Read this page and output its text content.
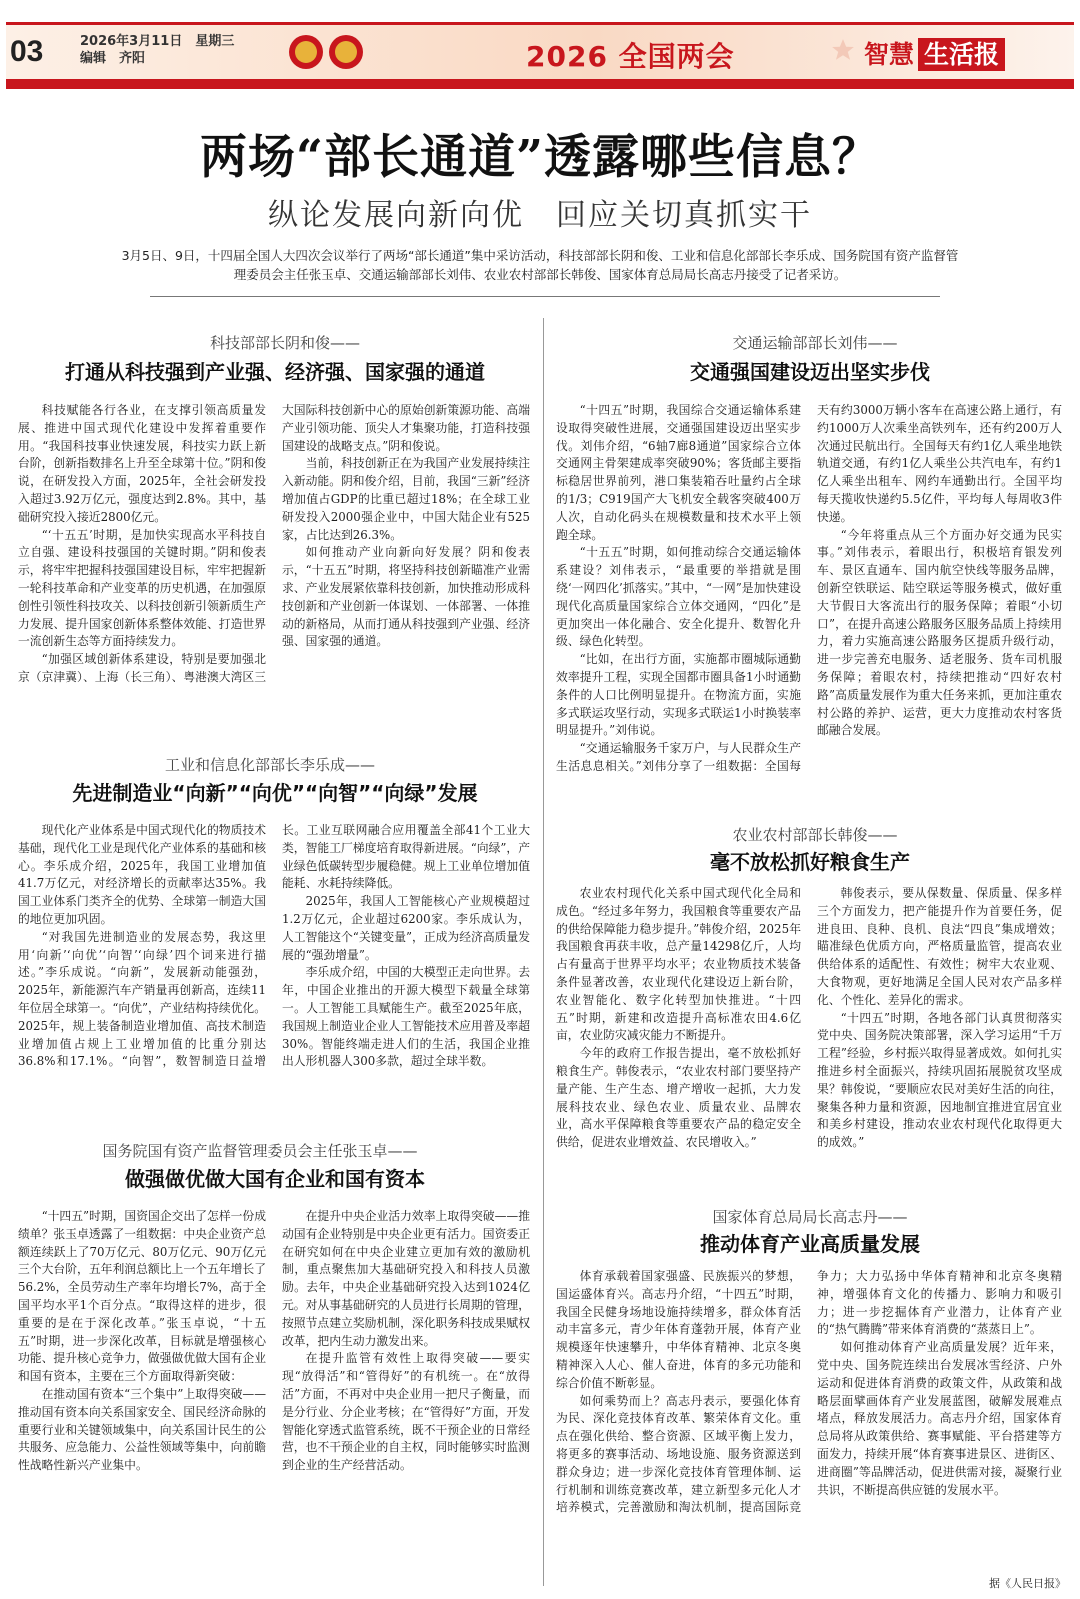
03	2026年3月11日　星期三
编辑　齐阳	2026 全国两会	智慧 生活报
两场“部长通道”透露哪些信息？
纵论发展向新向优　回应关切真抓实干
3月5日、9日，十四届全国人大四次会议举行了两场“部长通道”集中采访活动，科技部部长阴和俊、工业和信息化部部长李乐成、国务院国有资产监督管理委员会主任张玉卓、交通运输部部长刘伟、农业农村部部长韩俊、国家体育总局局长高志丹接受了记者采访。
科技部部长阴和俊——
打通从科技强到产业强、经济强、国家强的通道

科技赋能各行各业，在支撑引领高质量发展、推进中国式现代化建设中发挥着重要作用。“我国科技事业快速发展，科技实力跃上新台阶，创新指数排名上升至全球第十位。”阴和俊说，在研发投入方面，2025年，全社会研发投入超过3.92万亿元，强度达到2.8%。其中，基础研究投入接近2800亿元。

“‘十五五’时期，是加快实现高水平科技自立自强、建设科技强国的关键时期。”阴和俊表示，将牢牢把握科技强国建设目标，牢牢把握新一轮科技革命和产业变革的历史机遇，在加强原创性引领性科技攻关、以科技创新引领新质生产力发展、提升国家创新体系整体效能、打造世界一流创新生态等方面持续发力。

“加强区域创新体系建设，特别是要加强北京（京津冀）、上海（长三角）、粤港澳大湾区三大国际科技创新中心的原始创新策源功能、高端产业引领功能、顶尖人才集聚功能，打造科技强国建设的战略支点。”阴和俊说。

当前，科技创新正在为我国产业发展持续注入新动能。阴和俊介绍，目前，我国“三新”经济增加值占GDP的比重已超过18%；在全球工业研发投入2000强企业中，中国大陆企业有525家，占比达到26.3%。

如何推动产业向新向好发展？阴和俊表示，“十五五”时期，将坚持科技创新瞄准产业需求、产业发展紧依靠科技创新，加快推动形成科技创新和产业创新一体谋划、一体部署、一体推动的新格局，从而打通从科技强到产业强、经济强、国家强的通道。

工业和信息化部部长李乐成——
先进制造业“向新”“向优”“向智”“向绿”发展

现代化产业体系是中国式现代化的物质技术基础，现代化工业是现代化产业体系的基础和核心。李乐成介绍，2025年，我国工业增加值41.7万亿元，对经济增长的贡献率达35%。我国工业体系门类齐全的优势、全球第一制造大国的地位更加巩固。

“对我国先进制造业的发展态势，我这里用‘向新’‘向优’‘向智’‘向绿’四个词来进行描述。”李乐成说。“向新”，发展新动能强劲，2025年，新能源汽车产销量再创新高，连续11年位居全球第一。“向优”，产业结构持续优化。2025年，规上装备制造业增加值、高技术制造业增加值占规上工业增加值的比重分别达36.8%和17.1%。“向智”，数智制造日益增长。工业互联网融合应用覆盖全部41个工业大类，智能工厂梯度培育取得新进展。“向绿”，产业绿色低碳转型步履稳健。规上工业单位增加值能耗、水耗持续降低。

2025年，我国人工智能核心产业规模超过1.2万亿元，企业超过6200家。李乐成认为，人工智能这个“关键变量”，正成为经济高质量发展的“强劲增量”。

李乐成介绍，中国的大模型正走向世界。去年，中国企业推出的开源大模型下载量全球第一。人工智能工具赋能生产。截至2025年底，我国规上制造业企业人工智能技术应用普及率超30%。智能终端走进人们的生活，我国企业推出人形机器人300多款，超过全球半数。

国务院国有资产监督管理委员会主任张玉卓——
做强做优做大国有企业和国有资本

“十四五”时期，国资国企交出了怎样一份成绩单？张玉卓透露了一组数据：中央企业资产总额连续跃上了70万亿元、80万亿元、90万亿元三个大台阶，五年利润总额比上一个五年增长了56.2%，全员劳动生产率年均增长7%，高于全国平均水平1个百分点。“取得这样的进步，很重要的是在于深化改革。”张玉卓说，“十五五”时期，进一步深化改革，目标就是增强核心功能、提升核心竞争力，做强做优做大国有企业和国有资本，主要在三个方面取得新突破：

在推动国有资本“三个集中”上取得突破——推动国有资本向关系国家安全、国民经济命脉的重要行业和关键领域集中，向关系国计民生的公共服务、应急能力、公益性领域等集中，向前瞻性战略性新兴产业集中。

在提升中央企业活力效率上取得突破——推动国有企业特别是中央企业更有活力。国资委正在研究如何在中央企业建立更加有效的激励机制，重点聚焦加大基础研究投入和科技人员激励。去年，中央企业基础研究投入达到1024亿元。对从事基础研究的人员进行长周期的管理，按照节点建立奖励机制，深化职务科技成果赋权改革，把内生动力激发出来。

在提升监管有效性上取得突破——要实现“放得活”和“管得好”的有机统一。在“放得活”方面，不再对中央企业用一把尺子衡量，而是分行业、分企业考核；在“管得好”方面，开发智能化穿透式监管系统，既不干预企业的日常经营，也不干预企业的自主权，同时能够实时监测到企业的生产经营活动。

交通运输部部长刘伟——
交通强国建设迈出坚实步伐

“十四五”时期，我国综合交通运输体系建设取得突破性进展，交通强国建设迈出坚实步伐。刘伟介绍，“6轴7廊8通道”国家综合立体交通网主骨架建成率突破90%；客货邮主要指标稳居世界前列，港口集装箱吞吐量约占全球的1/3；C919国产大飞机安全载客突破400万人次，自动化码头在规模数量和技术水平上领跑全球。

“十五五”时期，如何推动综合交通运输体系建设？刘伟表示，“最重要的举措就是围绕‘一网四化’抓落实。”其中，“一网”是加快建设现代化高质量国家综合立体交通网，“四化”是更加突出一体化融合、安全化提升、数智化升级、绿色化转型。

“比如，在出行方面，实施都市圈城际通勤效率提升工程，实现全国都市圈具备1小时通勤条件的人口比例明显提升。在物流方面，实施多式联运攻坚行动，实现多式联运1小时换装率明显提升。”刘伟说。

“交通运输服务千家万户，与人民群众生产生活息息相关。”刘伟分享了一组数据：全国每天有约3000万辆小客车在高速公路上通行，有约1000万人次乘坐高铁列车，还有约200万人次通过民航出行。全国每天有约1亿人乘坐地铁轨道交通，有约1亿人乘坐公共汽电车，有约1亿人乘坐出租车、网约车通勤出行。全国平均每天揽收快递约5.5亿件，平均每人每周收3件快递。

“今年将重点从三个方面办好交通为民实事。”刘伟表示，着眼出行，积极培育银发列车、景区直通车、国内航空快线等服务品牌，创新空铁联运、陆空联运等服务模式，做好重大节假日大客流出行的服务保障；着眼“小切口”，在提升高速公路服务区服务品质上持续用力，着力实施高速公路服务区提质升级行动，进一步完善充电服务、适老服务、货车司机服务保障；着眼农村，持续把推动“四好农村路”高质量发展作为重大任务来抓，更加注重农村公路的养护、运营，更大力度推动农村客货邮融合发展。

农业农村部部长韩俊——
毫不放松抓好粮食生产

农业农村现代化关系中国式现代化全局和成色。“经过多年努力，我国粮食等重要农产品的供给保障能力稳步提升。”韩俊介绍，2025年我国粮食再获丰收，总产量14298亿斤，人均占有量高于世界平均水平；农业物质技术装备条件显著改善，农业现代化建设迈上新台阶，农业智能化、数字化转型加快推进。“十四五”时期，新建和改造提升高标准农田4.6亿亩，农业防灾减灾能力不断提升。

今年的政府工作报告提出，毫不放松抓好粮食生产。韩俊表示，“农业农村部门要坚持产量产能、生产生态、增产增收一起抓，大力发展科技农业、绿色农业、质量农业、品牌农业，高水平保障粮食等重要农产品的稳定安全供给，促进农业增效益、农民增收入。”

韩俊表示，要从保数量、保质量、保多样三个方面发力，把产能提升作为首要任务，促进良田、良种、良机、良法“四良”集成增效；瞄准绿色优质方向，严格质量监管，提高农业供给体系的适配性、有效性；树牢大农业观、大食物观，更好地满足全国人民对农产品多样化、个性化、差异化的需求。

“十四五”时期，各地各部门认真贯彻落实党中央、国务院决策部署，深入学习运用“千万工程”经验，乡村振兴取得显著成效。如何扎实推进乡村全面振兴，持续巩固拓展脱贫攻坚成果？韩俊说，“要顺应农民对美好生活的向往，聚集各种力量和资源，因地制宜推进宜居宜业和美乡村建设，推动农业农村现代化取得更大的成效。”

国家体育总局局长高志丹——
推动体育产业高质量发展

体育承载着国家强盛、民族振兴的梦想，国运盛体育兴。高志丹介绍，“十四五”时期，我国全民健身场地设施持续增多，群众体育活动丰富多元，青少年体育蓬勃开展，体育产业规模逐年快速攀升，中华体育精神、北京冬奥精神深入人心、催人奋进，体育的多元功能和综合价值不断彰显。

如何乘势而上？高志丹表示，要强化体育为民、深化竞技体育改革、繁荣体育文化。重点在强化供给、整合资源、区域平衡上发力，将更多的赛事活动、场地设施、服务资源送到群众身边；进一步深化竞技体育管理体制、运行机制和训练竞赛改革，建立新型多元化人才培养模式，完善激励和淘汰机制，提高国际竞争力；大力弘扬中华体育精神和北京冬奥精神，增强体育文化的传播力、影响力和吸引力；进一步挖掘体育产业潜力，让体育产业的“热气腾腾”带来体育消费的“蒸蒸日上”。

如何推动体育产业高质量发展？近年来，党中央、国务院连续出台发展冰雪经济、户外运动和促进体育消费的政策文件，从政策和战略层面擘画体育产业发展蓝图，破解发展难点堵点，释放发展活力。高志丹介绍，国家体育总局将从政策供给、赛事赋能、平台搭建等方面发力，持续开展“体育赛事进景区、进街区、进商圈”等品牌活动，促进供需对接，凝聚行业共识，不断提高供应链的发展水平。

据《人民日报》
